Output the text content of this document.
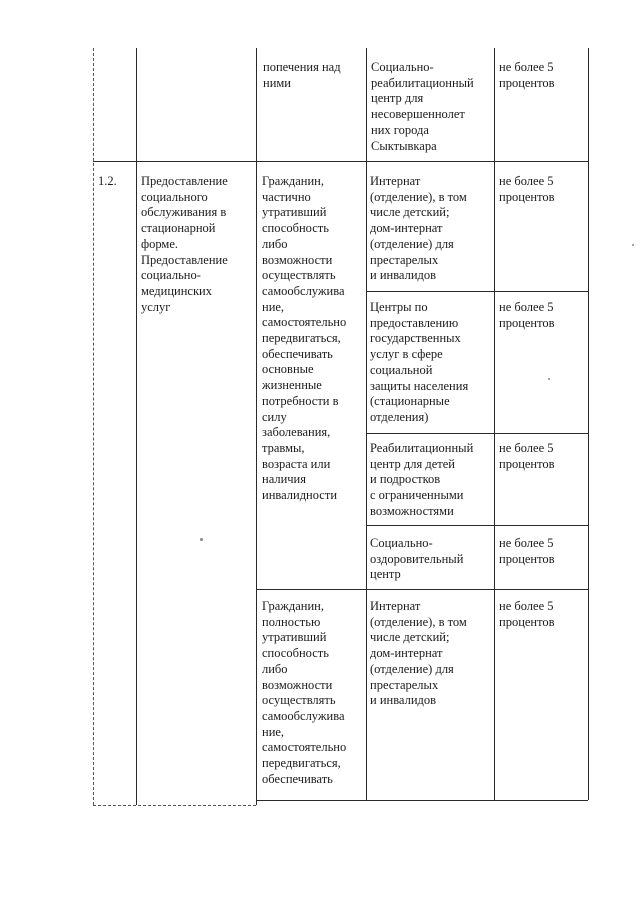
попечения над
ними
Социально-
реабилитационный
центр для
несовершеннолет
них города
Сыктывкара
не более 5
процентов
1.2.	Предоставление
социального
обслуживания в
стационарной
форме.
Предоставление
социально-
медицинских
услуг
Гражданин,
частично
утративший
способность
либо
возможности
осуществлять
самообслужива
ние,
самостоятельно
передвигаться,
обеспечивать
основные
жизненные
потребности в
силу
заболевания,
травмы,
возраста или
наличия
инвалидности
Интернат
(отделение), в том
числе детский;
дом-интернат
(отделение) для
престарелых
и инвалидов
не более 5
процентов
Центры по
предоставлению
государственных
услуг в сфере
социальной
защиты населения
(стационарные
отделения)
не более 5
процентов
Реабилитационный
центр для детей
и подростков
с ограниченными
возможностями
не более 5
процентов
Социально-
оздоровительный
центр
не более 5
процентов
Гражданин,
полностью
утративший
способность
либо
возможности
осуществлять
самообслужива
ние,
самостоятельно
передвигаться,
обеспечивать
Интернат
(отделение), в том
числе детский;
дом-интернат
(отделение) для
престарелых
и инвалидов
не более 5
процентов
